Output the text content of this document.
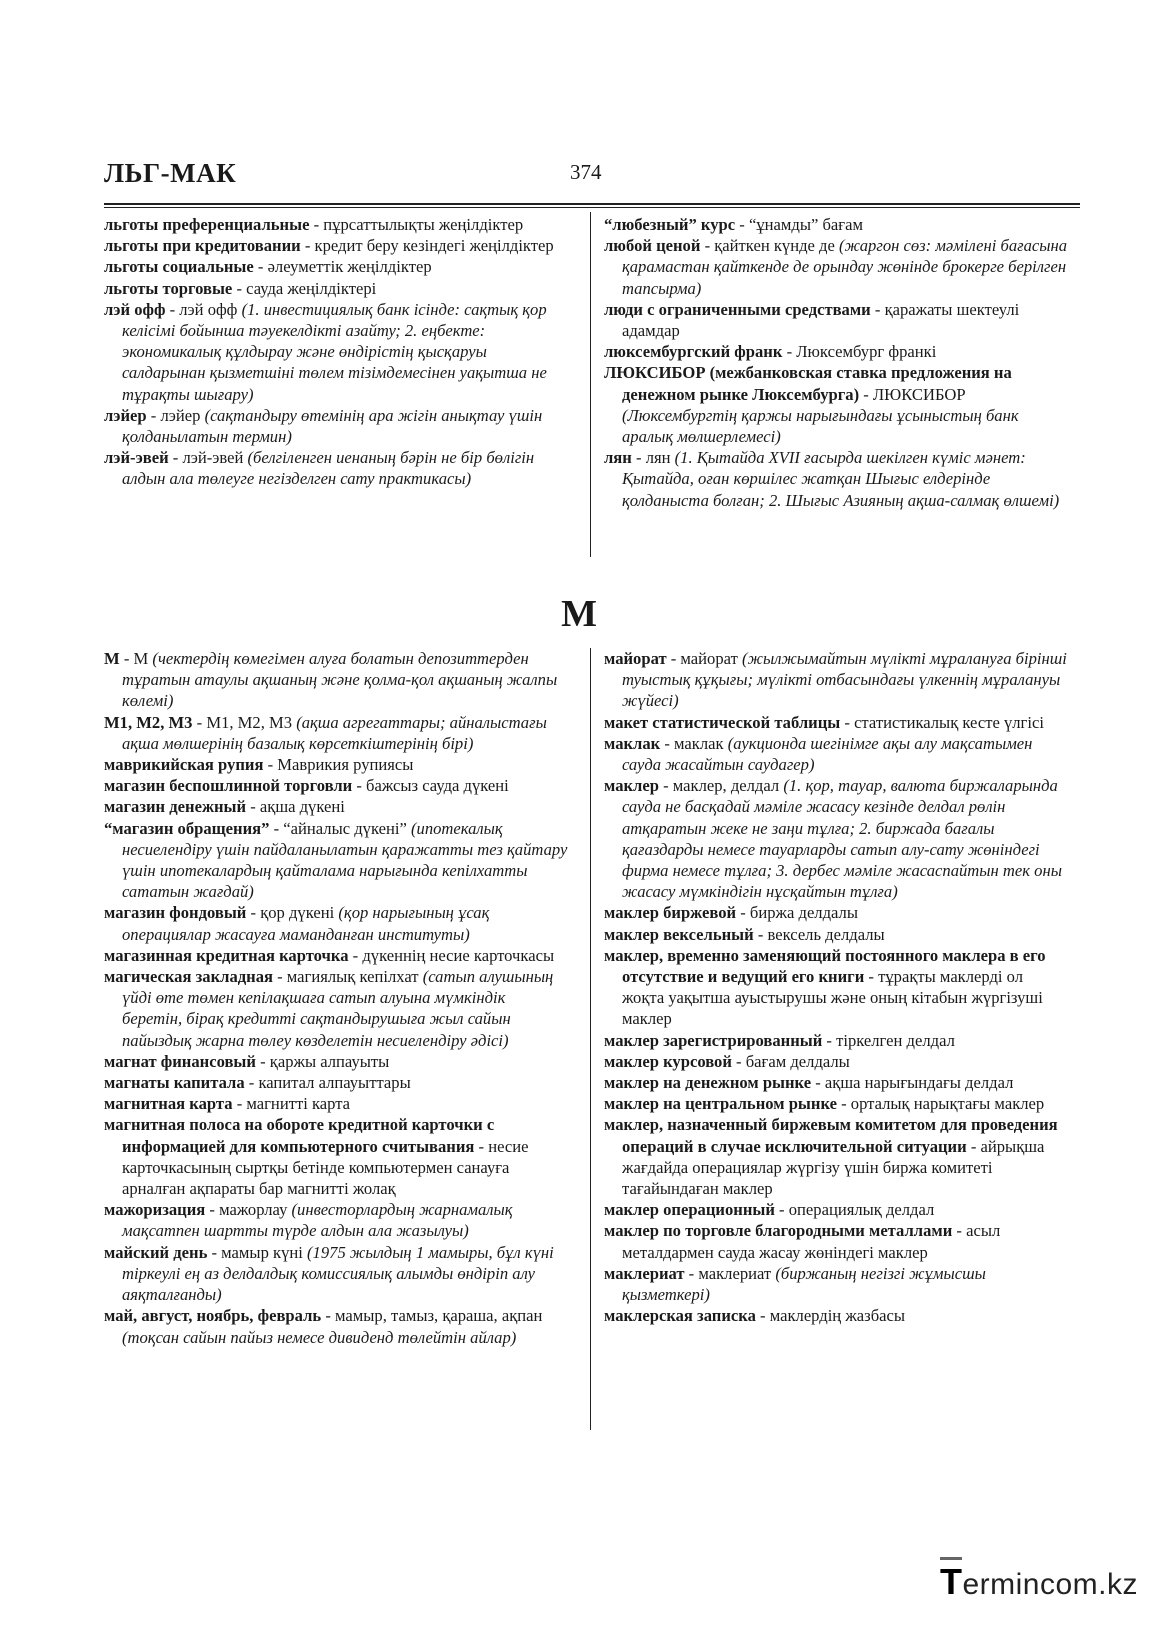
ЛЬГ-МАК	374

льготы преференциальные - пұрсаттылықты жеңілдіктер

льготы при кредитовании - кредит беру кезіндегі жеңілдіктер

льготы социальные - әлеуметтік жеңілдіктер

льготы торговые - сауда жеңілдіктері

лэй офф - лэй офф (1. инвестициялық банк ісінде: сақтық қор келісімі бойынша тәуекелдікті азайту; 2. еңбекте: экономикалық құлдырау және өндірістің қысқаруы салдарынан қызметшіні төлем тізімдемесінен уақытша не тұрақты шығару)

лэйер - лэйер (сақтандыру өтемінің ара жігін анықтау үшін қолданылатын термин)

лэй-эвей - лэй-эвей (белгіленген иенаның бәрін не бір бөлігін алдын ала төлеуге негізделген сату практикасы)

“любезный” курс - “ұнамды” бағам

любой ценой - қайткен күнде де (жаргон сөз: мәміленi бағасына қарамастан қайткенде де орындау жөнінде брокерге берілген тапсырма)

люди с ограниченными средствами - қаражаты шектеулі адамдар

люксембургский франк - Люксембург франкі

ЛЮКСИБОР (межбанковская ставка предложения на денежном рынке Люксембурга) - ЛЮКСИБОР (Люксембургтің қаржы нарығындағы ұсыныстың банк аралық мөлшерлемесі)

лян - лян (1. Қытайда XVII ғасырда шекілген күміс мәнет: Қытайда, оған көршілес жатқан Шығыс елдерінде қолданыста болған; 2. Шығыс Азияның ақша-салмақ өлшемі)

М

М - М (чектердің көмегімен алуға болатын депозиттерден тұратын атаулы ақшаның және қолма-қол ақшаның жалпы көлемі)

М1, М2, М3 - М1, М2, М3 (ақша агрегаттары; айналыстағы ақша мөлшерінің базалық көрсеткіштерінің бірі)

маврикийская рупия - Маврикия рупиясы

магазин беспошлинной торговли - бажсыз сауда дүкені

магазин денежный - ақша дүкені

“магазин обращения” - “айналыс дүкені” (ипотекалық несиелендіру үшін пайдаланылатын қаражатты тез қайтару үшін ипотекалардың қайталама нарығында кепілхатты сататын жағдай)

магазин фондовый - қор дүкені (қор нарығының ұсақ операциялар жасауға маманданған институты)

магазинная кредитная карточка - дүкеннің несие карточкасы

магическая закладная - магиялық кепілхат (сатып алушының үйді өте төмен кепілақшаға сатып алуына мүмкіндік беретін, бірақ кредитті сақтандырушыға жыл сайын пайыздық жарна төлеу көзделетін несиелендіру әдісі)

магнат финансовый - қаржы алпауыты

магнаты капитала - капитал алпауыттары

магнитная карта - магнитті карта

магнитная полоса на обороте кредитной карточки с информацией для компьютерного считывания - несие карточкасының сыртқы бетінде компьютермен санауға арналған ақпараты бар магнитті жолақ

мажоризация - мажорлау (инвесторлардың жарнамалық мақсатпен шартты түрде алдын ала жазылуы)

майский день - мамыр күні (1975 жылдың 1 мамыры, бұл күні тіркеулі ең аз делдалдық комиссиялық алымды өндіріп алу аяқталғанды)

май, август, ноябрь, февраль - мамыр, тамыз, қараша, ақпан (тоқсан сайын пайыз немесе дивиденд төлейтін айлар)

майорат - майорат (жылжымайтын мүлікті мұралануға бірінші туыстық құқығы; мүлікті отбасындағы үлкеннің мұралануы жүйесі)

макет статистической таблицы - статистикалық кесте үлгісі

маклак - маклак (аукционда шегінімге ақы алу мақсатымен сауда жасайтын саудагер)

маклер - маклер, делдал (1. қор, тауар, валюта биржаларында сауда не басқадай мәміле жасасу кезінде делдал рөлін атқаратын жеке не заңи тұлға; 2. биржада бағалы қағаздарды немесе тауарларды сатып алу-сату жөніндегі фирма немесе тұлға; 3. дербес мәміле жасаспайтын тек оны жасасу мүмкіндігін нұсқайтын тұлға)

маклер биржевой - биржа делдалы

маклер вексельный - вексель делдалы

маклер, временно заменяющий постоянного маклера в его отсутствие и ведущий его книги - тұрақты маклерді ол жоқта уақытша ауыстырушы және оның кітабын жүргізуші маклер

маклер зарегистрированный - тіркелген делдал

маклер курсовой - бағам делдалы

маклер на денежном рынке - ақша нарығындағы делдал

маклер на центральном рынке - орталық нарықтағы маклер

маклер, назначенный биржевым комитетом для проведения операций в случае исключительной ситуации - айрықша жағдайда операциялар жүргізу үшін биржа комитеті тағайындаған маклер

маклер операционный - операциялық делдал

маклер по торговле благородными металлами - асыл металдармен сауда жасау жөніндегі маклер

маклериат - маклериат (биржаның негізгі жұмысшы қызметкері)

маклерская записка - маклердің жазбасы

Termincom.kz
